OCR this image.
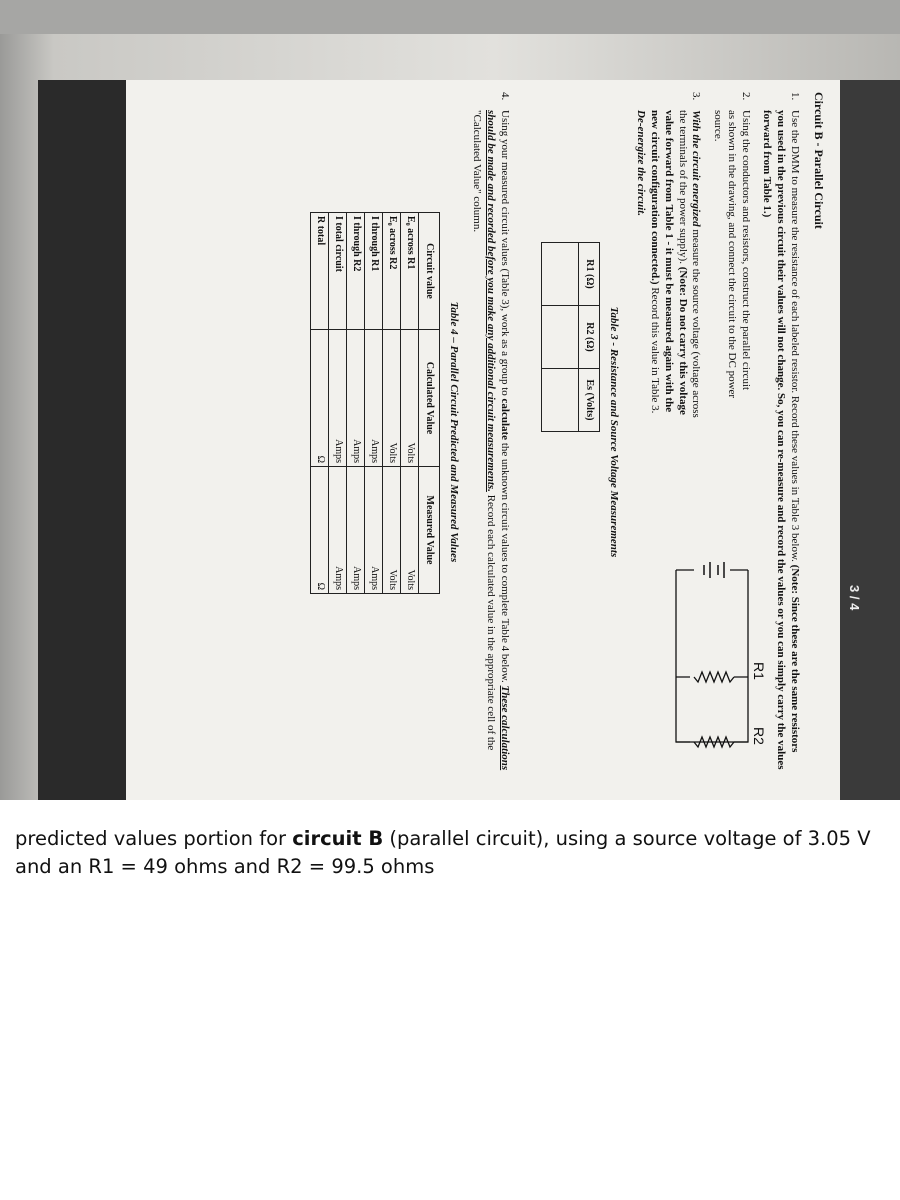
3 / 4

Circuit B - Parallel Circuit

1.
Use the DMM to measure the resistance of each labeled resistor. Record these values in Table 3 below. (Note: Since these are the same resistors you used in the previous circuit their values will not change. So, you can re-measure and record the values or you can simply carry the values forward from Table 1.)
2.
Using the conductors and resistors, construct the parallel circuit as shown in the drawing, and connect the circuit to the DC power source.
3.
With the circuit energized measure the source voltage (voltage across the terminals of the power supply). (Note: Do not carry this voltage value forward from Table 1 - it must be measured again with the new circuit configuration connected.) Record this value in Table 3. De-energize the circuit.
R1
R2

Table 3 - Resistance and Source Voltage Measurements

R1 (Ω)	R2 (Ω)	Es (Volts)

4.
Using your measured circuit values (Table 3), work as a group to calculate the unknown circuit values to complete Table 4 below. These calculations should be made and recorded before you make any additional circuit measurements. Record each calculated value in the appropriate cell of the "Calculated Value" column.

Table 4 – Parallel Circuit Predicted and Measured Values

Circuit value	Calculated Value	Measured Value
E₀ across R1	Volts	Volts
E₀ across R2	Volts	Volts
I through R1	Amps	Amps
I through R2	Amps	Amps
I total circuit	Amps	Amps
R total	Ω	Ω

predicted values portion for circuit B (parallel circuit), using a source voltage of 3.05 V and an R1 = 49 ohms and R2 = 99.5 ohms
